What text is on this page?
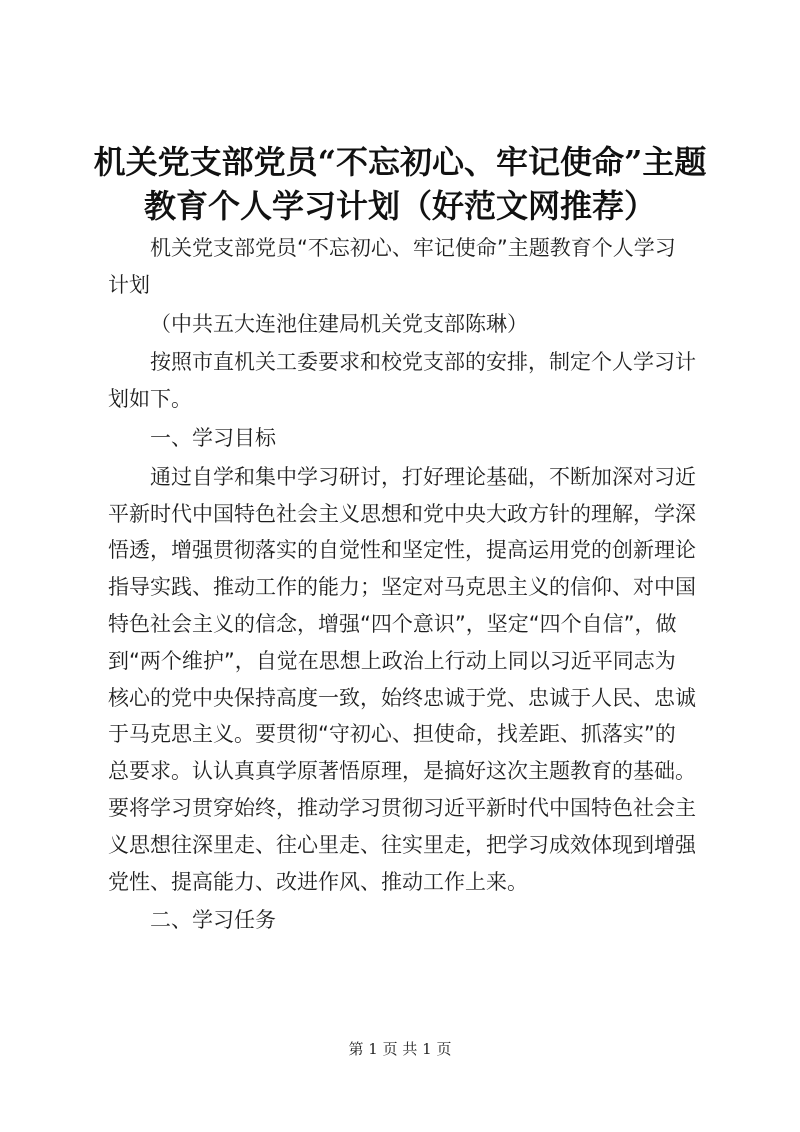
机关党支部党员“不忘初心、牢记使命”主题
教育个人学习计划（好范文网推荐）
机关党支部党员“不忘初心、牢记使命”主题教育个人学习
计划
（中共五大连池住建局机关党支部陈琳）
按照市直机关工委要求和校党支部的安排，制定个人学习计
划如下。
一、学习目标
通过自学和集中学习研讨，打好理论基础，不断加深对习近
平新时代中国特色社会主义思想和党中央大政方针的理解，学深
悟透，增强贯彻落实的自觉性和坚定性，提高运用党的创新理论
指导实践、推动工作的能力；坚定对马克思主义的信仰、对中国
特色社会主义的信念，增强“四个意识”，坚定“四个自信”，做
到“两个维护”，自觉在思想上政治上行动上同以习近平同志为
核心的党中央保持高度一致，始终忠诚于党、忠诚于人民、忠诚
于马克思主义。要贯彻“守初心、担使命，找差距、抓落实”的
总要求。认认真真学原著悟原理，是搞好这次主题教育的基础。
要将学习贯穿始终，推动学习贯彻习近平新时代中国特色社会主
义思想往深里走、往心里走、往实里走，把学习成效体现到增强
党性、提高能力、改进作风、推动工作上来。
二、学习任务
第 1 页 共 1 页
